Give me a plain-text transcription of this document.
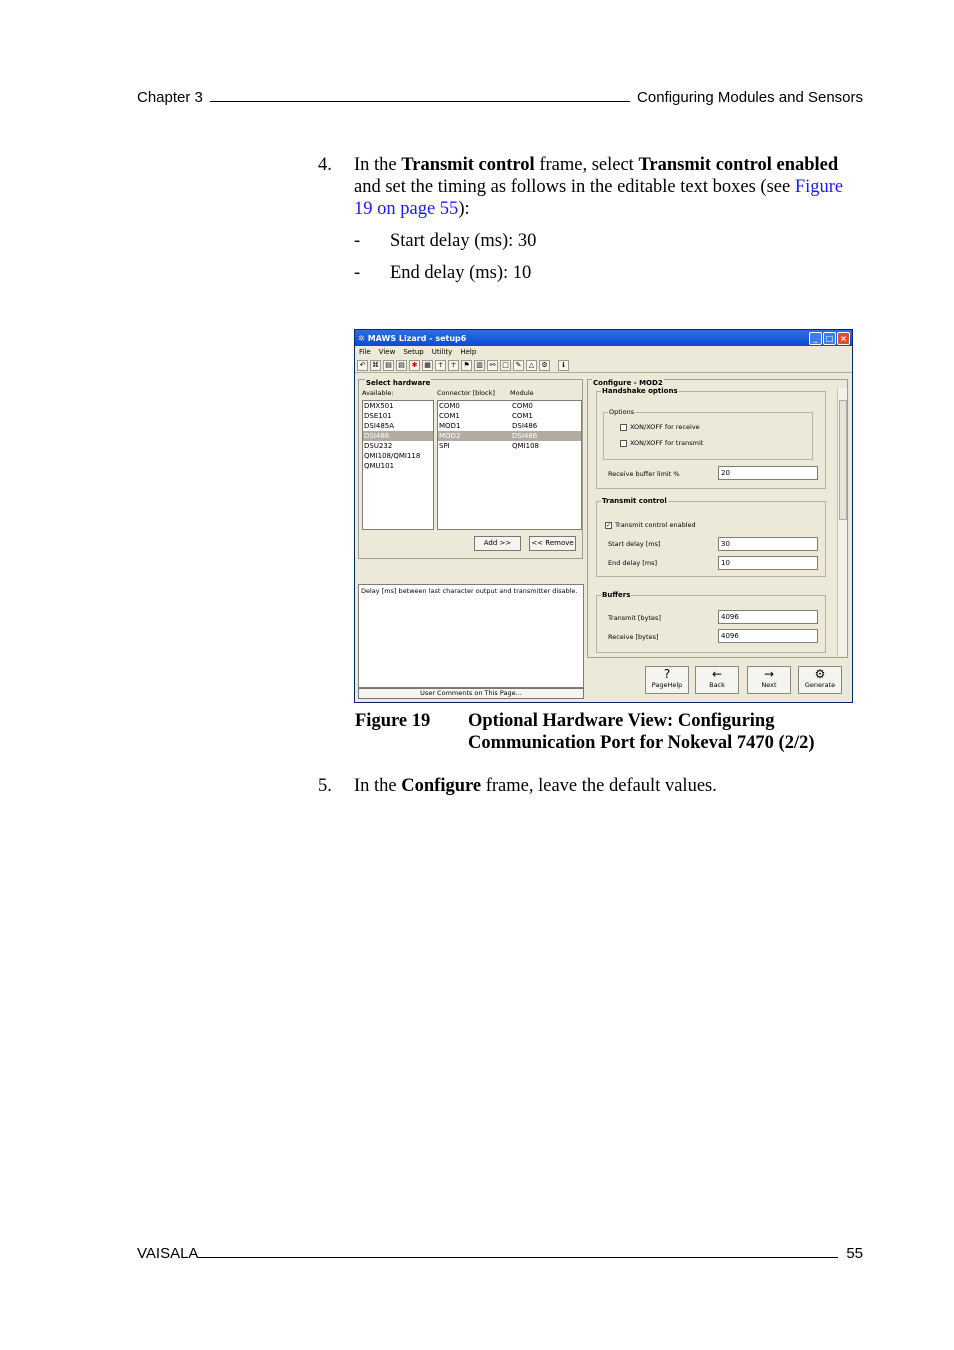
Chapter 3	Configuring Modules and Sensors
4. In the Transmit control frame, select Transmit control enabled and set the timing as follows in the editable text boxes (see Figure 19 on page 55):
- Start delay (ms): 30
- End delay (ms): 10
✲ MAWS Lizard - setup6	_	□ ×
File View Setup Utility Help
↶ ⌘ ▤ ▤ ✱ ▦	☥	☥	⚑ ▥ ⚯ □ ✎	△	⚙	ℹ
Select hardware
Available:	Connector [block] Module
DMX501
DSE101
DSI485A
DSI486
DSU232
QMI108/QMI118
QMU101
COM0	COM0
COM1	COM1
MOD1	DSI486
MOD2	DSI486
SPI	QMI108
Add >>	<< Remove
Delay [ms] between last character output and transmitter disable.
User Comments on This Page...
Configure - MOD2
Handshake options
Options
XON/XOFF for receive
XON/XOFF for transmit
Receive buffer limit %	20
Transmit control
✓ Transmit control enabled
Start delay [ms]	30
End delay [ms]	10
Buffers
Transmit [bytes]	4096
Receive [bytes]	4096
?
PageHelp
←
Back
→
Next
⚙
Generate
Figure 19 Optional Hardware View: Configuring Communication Port for Nokeval 7470 (2/2)
5. In the Configure frame, leave the default values.
VAISALA	55
